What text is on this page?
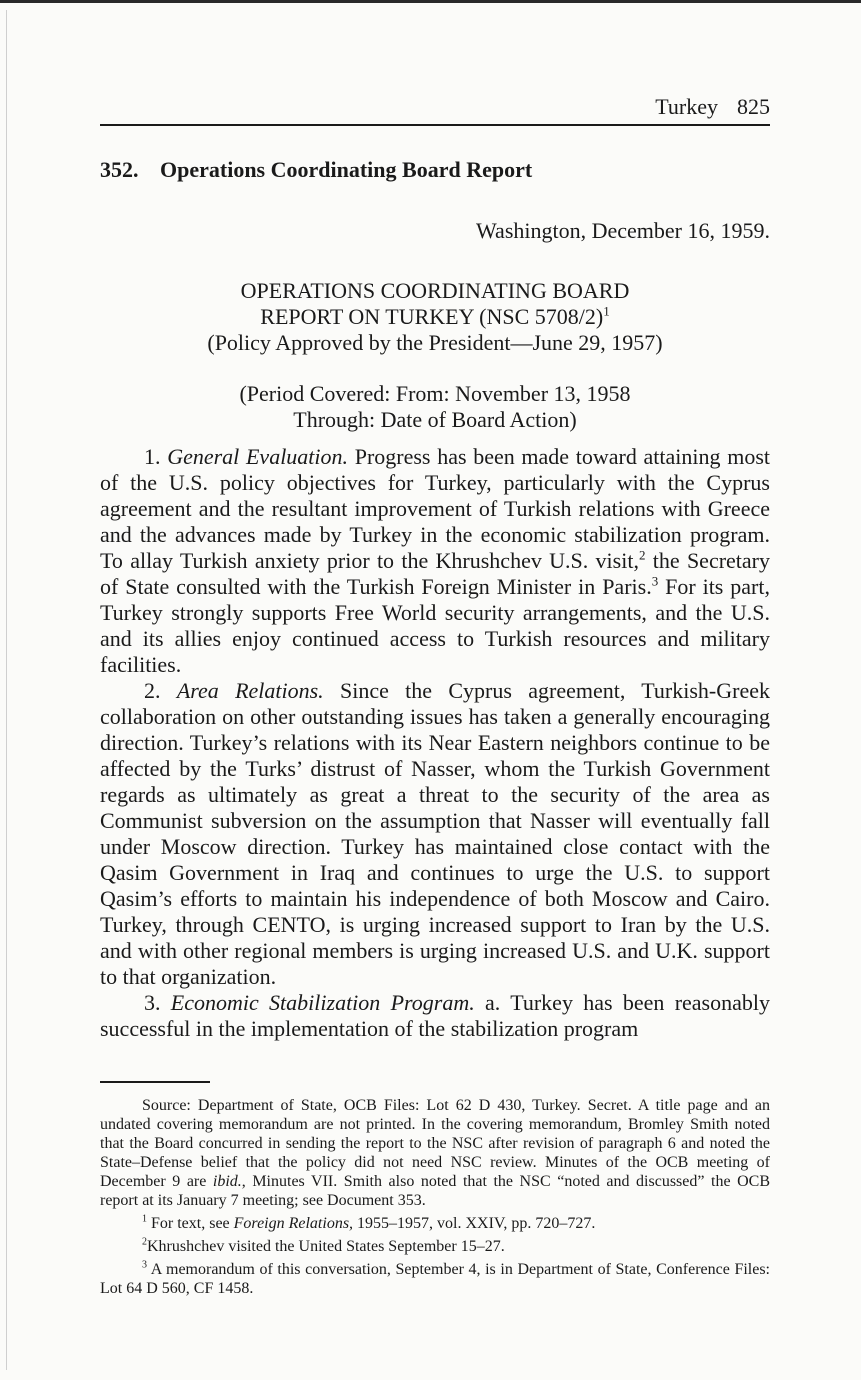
Turkey 825
352. Operations Coordinating Board Report
Washington, December 16, 1959.
OPERATIONS COORDINATING BOARD
REPORT ON TURKEY (NSC 5708/2)$^1$
(Policy Approved by the President—June 29, 1957)
(Period Covered: From: November 13, 1958
Through: Date of Board Action)

1. General Evaluation. Progress has been made toward attaining most of the U.S. policy objectives for Turkey, particularly with the Cyprus agreement and the resultant improvement of Turkish relations with Greece and the advances made by Turkey in the economic stabilization program. To allay Turkish anxiety prior to the Khrushchev U.S. visit,$^2$ the Secretary of State consulted with the Turkish Foreign Minister in Paris.$^3$ For its part, Turkey strongly supports Free World security arrangements, and the U.S. and its allies enjoy continued access to Turkish resources and military facilities.

2. Area Relations. Since the Cyprus agreement, Turkish-Greek collaboration on other outstanding issues has taken a generally encouraging direction. Turkey’s relations with its Near Eastern neighbors continue to be affected by the Turks’ distrust of Nasser, whom the Turkish Government regards as ultimately as great a threat to the security of the area as Communist subversion on the assumption that Nasser will eventually fall under Moscow direction. Turkey has maintained close contact with the Qasim Government in Iraq and continues to urge the U.S. to support Qasim’s efforts to maintain his independence of both Moscow and Cairo. Turkey, through CENTO, is urging increased support to Iran by the U.S. and with other regional members is urging increased U.S. and U.K. support to that organization.

3. Economic Stabilization Program. a. Turkey has been reasonably successful in the implementation of the stabilization program

Source: Department of State, OCB Files: Lot 62 D 430, Turkey. Secret. A title page and an undated covering memorandum are not printed. In the covering memorandum, Bromley Smith noted that the Board concurred in sending the report to the NSC after revision of paragraph 6 and noted the State–Defense belief that the policy did not need NSC review. Minutes of the OCB meeting of December 9 are ibid., Minutes VII. Smith also noted that the NSC “noted and discussed” the OCB report at its January 7 meeting; see Document 353.

$^1$ For text, see Foreign Relations, 1955–1957, vol. XXIV, pp. 720–727.

$^2$Khrushchev visited the United States September 15–27.

$^3$ A memorandum of this conversation, September 4, is in Department of State, Conference Files: Lot 64 D 560, CF 1458.
